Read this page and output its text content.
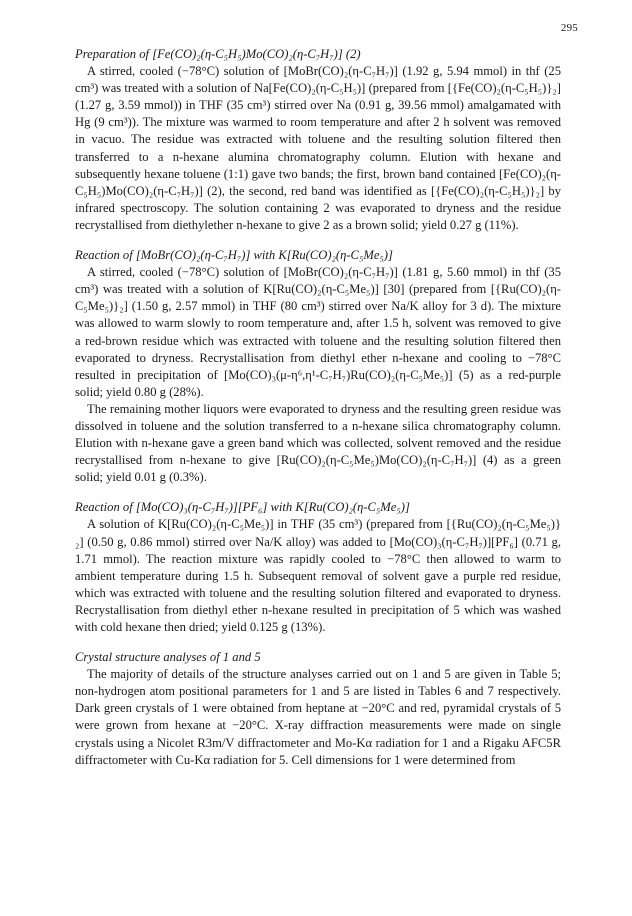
295

Preparation of [Fe(CO)₂(η-C₅H₅)Mo(CO)₂(η-C₇H₇)] (2)

A stirred, cooled (−78°C) solution of [MoBr(CO)₂(η-C₇H₇)] (1.92 g, 5.94 mmol) in thf (25 cm³) was treated with a solution of Na[Fe(CO)₂(η-C₅H₅)] (prepared from [{Fe(CO)₂(η-C₅H₅)}₂] (1.27 g, 3.59 mmol)) in THF (35 cm³) stirred over Na (0.91 g, 39.56 mmol) amalgamated with Hg (9 cm³)). The mixture was warmed to room temperature and after 2 h solvent was removed in vacuo. The residue was extracted with toluene and the resulting solution filtered then transferred to a n-hexane alumina chromatography column. Elution with hexane and subsequently hexane toluene (1:1) gave two bands; the first, brown band contained [Fe(CO)₂(η-C₅H₅)Mo(CO)₂(η-C₇H₇)] (2), the second, red band was identified as [{Fe(CO)₂(η-C₅H₅)}₂] by infrared spectroscopy. The solution containing 2 was evaporated to dryness and the residue recrystallised from diethylether n-hexane to give 2 as a brown solid; yield 0.27 g (11%).

Reaction of [MoBr(CO)₂(η-C₇H₇)] with K[Ru(CO)₂(η-C₅Me₅)]

A stirred, cooled (−78°C) solution of [MoBr(CO)₂(η-C₇H₇)] (1.81 g, 5.60 mmol) in thf (35 cm³) was treated with a solution of K[Ru(CO)₂(η-C₅Me₅)] [30] (prepared from [{Ru(CO)₂(η-C₅Me₅)}₂] (1.50 g, 2.57 mmol) in THF (80 cm³) stirred over Na/K alloy for 3 d). The mixture was allowed to warm slowly to room temperature and, after 1.5 h, solvent was removed to give a red-brown residue which was extracted with toluene and the resulting solution filtered then evaporated to dryness. Recrystallisation from diethyl ether n-hexane and cooling to −78°C resulted in precipitation of [Mo(CO)₃(μ-η⁶,η¹-C₇H₇)Ru(CO)₂(η-C₅Me₅)] (5) as a red-purple solid; yield 0.80 g (28%).

The remaining mother liquors were evaporated to dryness and the resulting green residue was dissolved in toluene and the solution transferred to a n-hexane silica chromatography column. Elution with n-hexane gave a green band which was collected, solvent removed and the residue recrystallised from n-hexane to give [Ru(CO)₂(η-C₅Me₅)Mo(CO)₂(η-C₇H₇)] (4) as a green solid; yield 0.01 g (0.3%).

Reaction of [Mo(CO)₃(η-C₇H₇)][PF₆] with K[Ru(CO)₂(η-C₅Me₅)]

A solution of K[Ru(CO)₂(η-C₅Me₅)] in THF (35 cm³) (prepared from [{Ru(CO)₂(η-C₅Me₅)}₂] (0.50 g, 0.86 mmol) stirred over Na/K alloy) was added to [Mo(CO)₃(η-C₇H₇)][PF₆] (0.71 g, 1.71 mmol). The reaction mixture was rapidly cooled to −78°C then allowed to warm to ambient temperature during 1.5 h. Subsequent removal of solvent gave a purple red residue, which was extracted with toluene and the resulting solution filtered and evaporated to dryness. Recrystallisation from diethyl ether n-hexane resulted in precipitation of 5 which was washed with cold hexane then dried; yield 0.125 g (13%).

Crystal structure analyses of 1 and 5

The majority of details of the structure analyses carried out on 1 and 5 are given in Table 5; non-hydrogen atom positional parameters for 1 and 5 are listed in Tables 6 and 7 respectively. Dark green crystals of 1 were obtained from heptane at −20°C and red, pyramidal crystals of 5 were grown from hexane at −20°C. X-ray diffraction measurements were made on single crystals using a Nicolet R3m/V diffractometer and Mo-Kα radiation for 1 and a Rigaku AFC5R diffractometer with Cu-Kα radiation for 5. Cell dimensions for 1 were determined from
